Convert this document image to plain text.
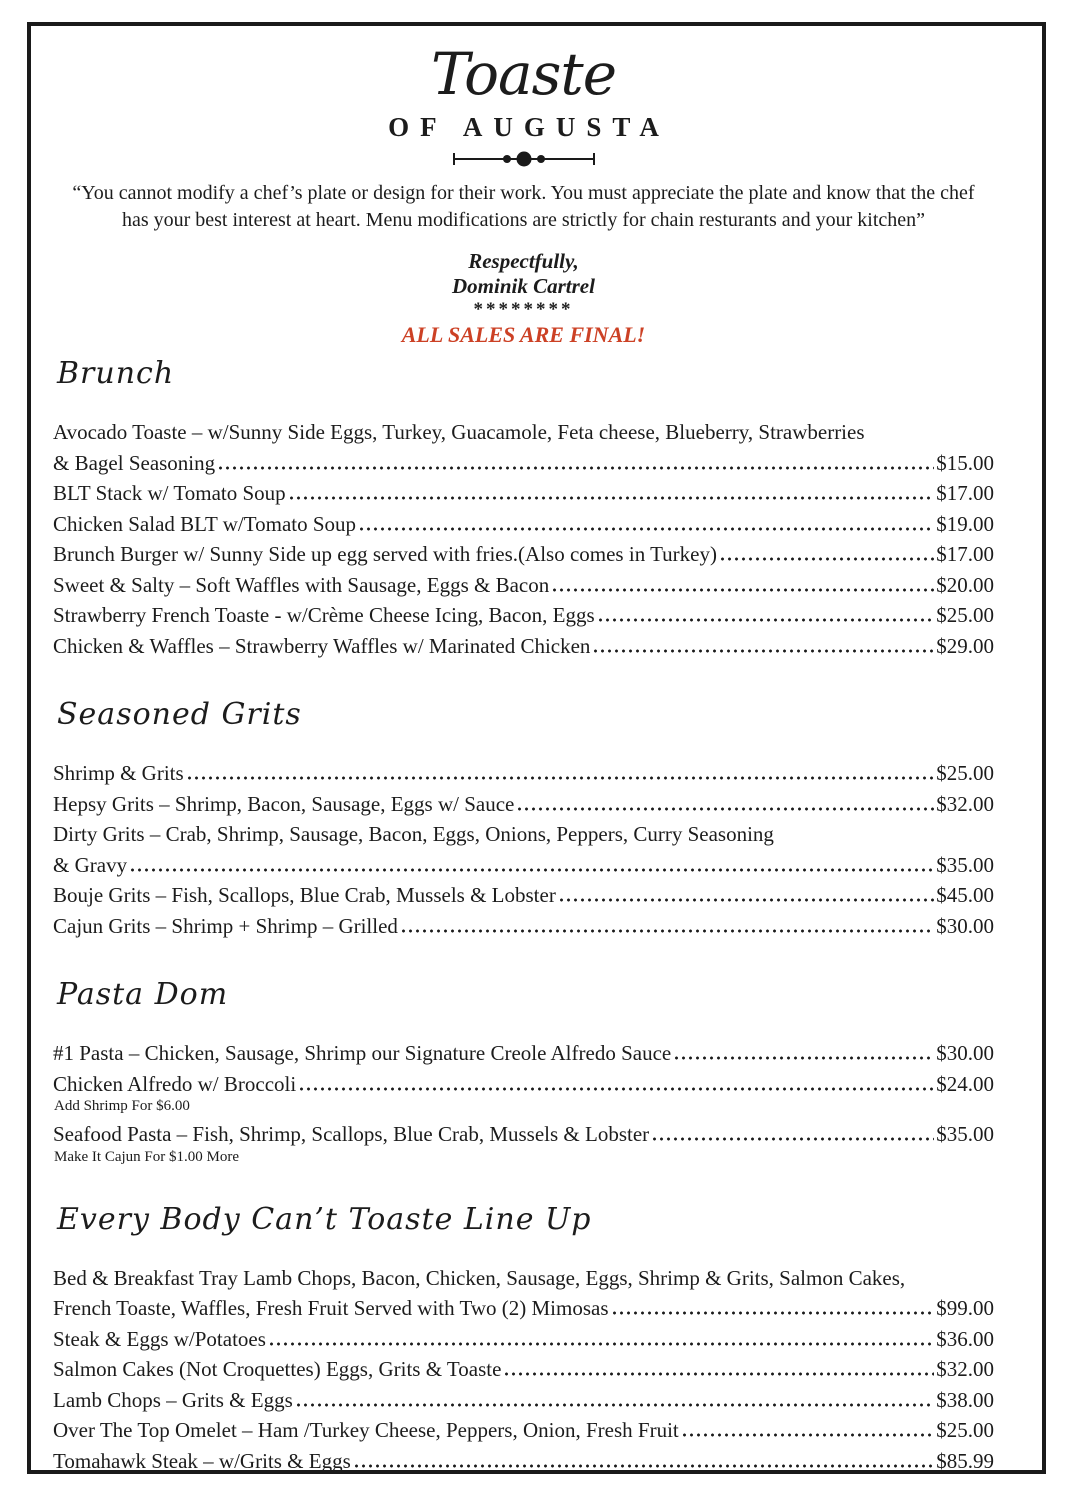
Toaste
OF AUGUSTA
“You cannot modify a chef’s plate or design for their work. You must appreciate the plate and know that the chef
has your best interest at heart. Menu modifications are strictly for chain resturants and your kitchen”
Respectfully,
Dominik Cartrel
********
ALL SALES ARE FINAL!
Brunch
Avocado Toaste – w/Sunny Side Eggs, Turkey, Guacamole, Feta cheese, Blueberry, Strawberries
& Bagel Seasoning	$15.00
BLT Stack w/ Tomato Soup	$17.00
Chicken Salad BLT w/Tomato Soup	$19.00
Brunch Burger w/ Sunny Side up egg served with fries.(Also comes in Turkey)	$17.00
Sweet & Salty – Soft Waffles with Sausage, Eggs & Bacon	$20.00
Strawberry French Toaste - w/Crème Cheese Icing, Bacon, Eggs	$25.00
Chicken & Waffles – Strawberry Waffles w/ Marinated Chicken	$29.00
Seasoned Grits
Shrimp & Grits	$25.00
Hepsy Grits – Shrimp, Bacon, Sausage, Eggs w/ Sauce	$32.00
Dirty Grits – Crab, Shrimp, Sausage, Bacon, Eggs, Onions, Peppers, Curry Seasoning
& Gravy	$35.00
Bouje Grits – Fish, Scallops, Blue Crab, Mussels & Lobster	$45.00
Cajun Grits – Shrimp + Shrimp – Grilled	$30.00
Pasta Dom
#1 Pasta – Chicken, Sausage, Shrimp our Signature Creole Alfredo Sauce	$30.00
Chicken Alfredo w/ Broccoli	$24.00
Add Shrimp For $6.00
Seafood Pasta – Fish, Shrimp, Scallops, Blue Crab, Mussels & Lobster	$35.00
Make It Cajun For $1.00 More
Every Body Can’t Toaste Line Up
Bed & Breakfast Tray Lamb Chops, Bacon, Chicken, Sausage, Eggs, Shrimp & Grits, Salmon Cakes,
French Toaste, Waffles, Fresh Fruit Served with Two (2) Mimosas	$99.00
Steak & Eggs w/Potatoes	$36.00
Salmon Cakes (Not Croquettes) Eggs, Grits & Toaste	$32.00
Lamb Chops – Grits & Eggs	$38.00
Over The Top Omelet – Ham /Turkey Cheese, Peppers, Onion, Fresh Fruit	$25.00
Tomahawk Steak – w/Grits & Eggs	$85.99
